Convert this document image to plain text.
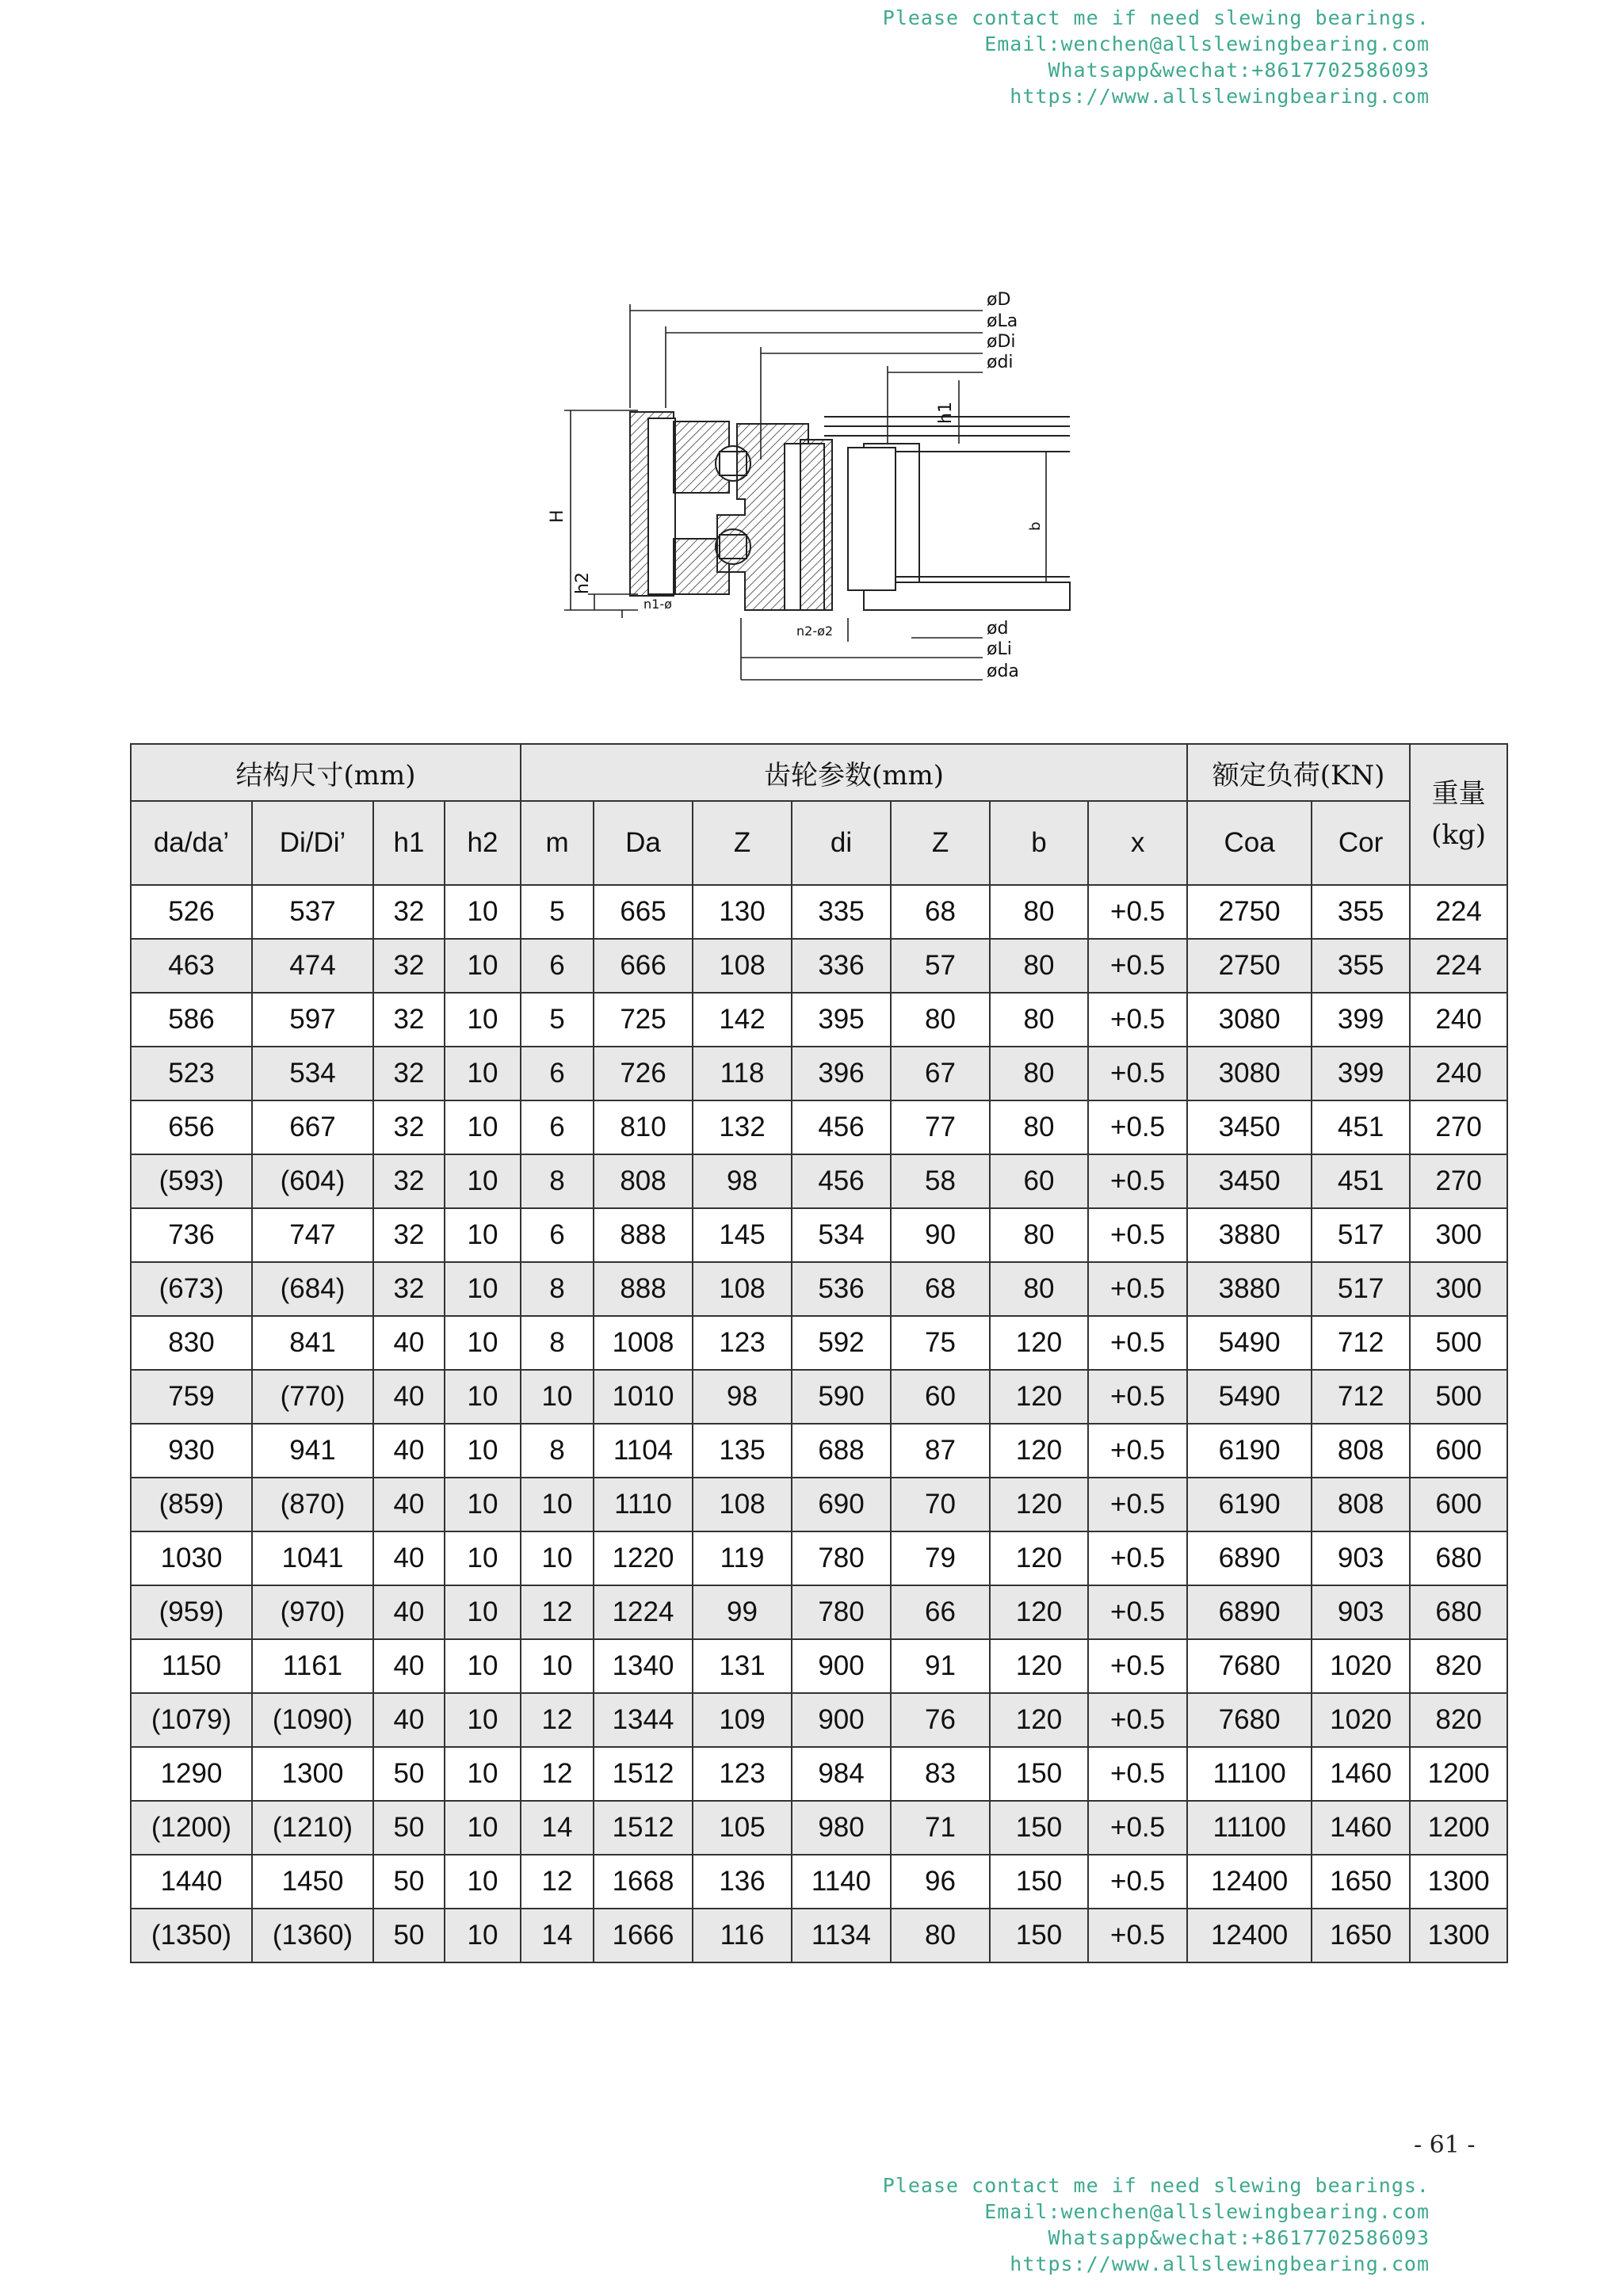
Please contact me if need slewing bearings.
Email:wenchen@allslewingbearing.com
Whatsapp&wechat:+8617702586093
https://www.allslewingbearing.com
øD
øLa
øDi
ødi
h1
H
h2
b
n1-ø
n2-ø2	ød
øLi
øda
结构尺寸(mm)				齿轮参数(mm)							额定负荷(KN)		重量
(kg)

da/da’	Di/Di’	h1	h2	m	Da	Z	di	Z	b	x	Coa	Cor	
526	537	32	10	5	665	130	335	68	80	+0.5	2750	355	224
463	474	32	10	6	666	108	336	57	80	+0.5	2750	355	224
586	597	32	10	5	725	142	395	80	80	+0.5	3080	399	240
523	534	32	10	6	726	118	396	67	80	+0.5	3080	399	240
656	667	32	10	6	810	132	456	77	80	+0.5	3450	451	270
(593)	(604)	32	10	8	808	98	456	58	60	+0.5	3450	451	270
736	747	32	10	6	888	145	534	90	80	+0.5	3880	517	300
(673)	(684)	32	10	8	888	108	536	68	80	+0.5	3880	517	300
830	841	40	10	8	1008	123	592	75	120	+0.5	5490	712	500
759	(770)	40	10	10	1010	98	590	60	120	+0.5	5490	712	500
930	941	40	10	8	1104	135	688	87	120	+0.5	6190	808	600
(859)	(870)	40	10	10	1110	108	690	70	120	+0.5	6190	808	600
1030	1041	40	10	10	1220	119	780	79	120	+0.5	6890	903	680
(959)	(970)	40	10	12	1224	99	780	66	120	+0.5	6890	903	680
1150	1161	40	10	10	1340	131	900	91	120	+0.5	7680	1020	820
(1079)	(1090)	40	10	12	1344	109	900	76	120	+0.5	7680	1020	820
1290	1300	50	10	12	1512	123	984	83	150	+0.5	11100	1460	1200
(1200)	(1210)	50	10	14	1512	105	980	71	150	+0.5	11100	1460	1200
1440	1450	50	10	12	1668	136	1140	96	150	+0.5	12400	1650	1300
(1350)	(1360)	50	10	14	1666	116	1134	80	150	+0.5	12400	1650	1300
- 61 -
Please contact me if need slewing bearings.
Email:wenchen@allslewingbearing.com
Whatsapp&wechat:+8617702586093
https://www.allslewingbearing.com
